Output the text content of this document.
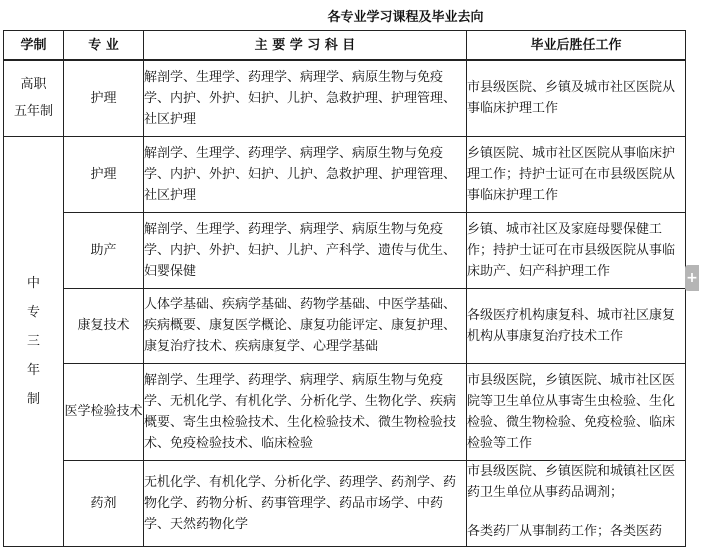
各专业学习课程及毕业去向
学制	专 业	主 要 学 习 科 目	毕业后胜任工作

高职
五年制	护理	解剖学、生理学、药理学、病理学、病原生物与免疫学、内护、外护、妇护、儿护、急救护理、护理管理、社区护理	市县级医院、乡镇及城市社区医院从事临床护理工作

中
专
三
年
制	护理	解剖学、生理学、药理学、病理学、病原生物与免疫学、内护、外护、妇护、儿护、急救护理、护理管理、社区护理	乡镇医院、城市社区医院从事临床护理工作；持护士证可在市县级医院从事临床护理工作
	助产	解剖学、生理学、药理学、病理学、病原生物与免疫学、内护、外护、妇护、儿护、产科学、遗传与优生、妇婴保健	乡镇、城市社区及家庭母婴保健工作；持护士证可在市县级医院从事临床助产、妇产科护理工作
	康复技术	人体学基础、疾病学基础、药物学基础、中医学基础、疾病概要、康复医学概论、康复功能评定、康复护理、康复治疗技术、疾病康复学、心理学基础	各级医疗机构康复科、城市社区康复机构从事康复治疗技术工作
	医学检验技术	解剖学、生理学、药理学、病理学、病原生物与免疫学、无机化学、有机化学、分析化学、生物化学、疾病概要、寄生虫检验技术、生化检验技术、微生物检验技术、免疫检验技术、临床检验	市县级医院，乡镇医院、城市社区医院等卫生单位从事寄生虫检验、生化检验、微生物检验、免疫检验、临床检验等工作
	药剂	无机化学、有机化学、分析化学、药理学、药剂学、药物化学、药物分析、药事管理学、药品市场学、中药学、天然药物化学	市县级医院、乡镇医院和城镇社区医药卫生单位从事药品调剂；
各类药厂从事制药工作；各类医药
+
